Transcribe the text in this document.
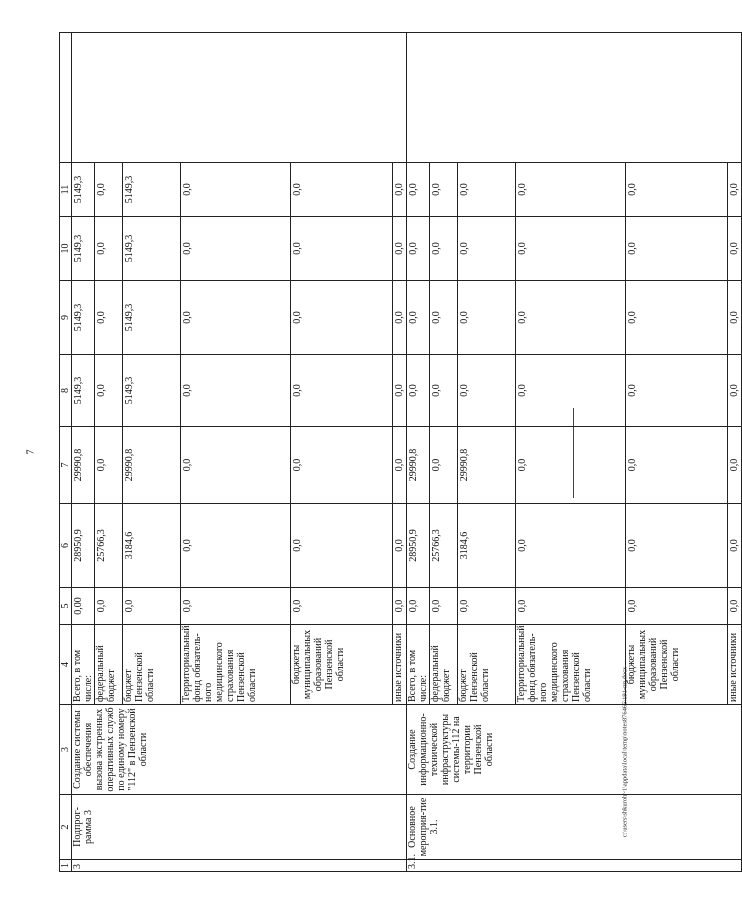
7
c:\users\shkuroh~1\appdata\local\temp\notes876466\191-пп.docx
1	2	3	4	5	6	7	8	9	10	11	
3	Подпрог-рамма 3	Создание системы обеспечения вызова экстренных оперативных служб по единому номеру "112" в Пензенской области	Всего, в том числе:	0,00	28950,9	29990,8	5149,3	5149,3	5149,3	5149,3	
			федеральный бюджет	0,0	25766,3	0,0	0,0	0,0	0,0	0,0	
			бюджет Пензенской области	0,0	3184,6	29990,8	5149,3	5149,3	5149,3	5149,3	
			Территориальный фонд обязатель-ного медицинского страхования Пензенской области	0,0	0,0	0,0	0,0	0,0	0,0	0,0	
			бюджеты муниципальных образований Пензенской области	0,0	0,0	0,0	0,0	0,0	0,0	0,0	
			иные источники	0,0	0,0	0,0	0,0	0,0	0,0	0,0	
3.1.	Основное мероприя-тие 3.1.	Создание информационно-технической инфраструктуры системы-112 на территории Пензенской области	Всего, в том числе:	0,0	28950,9	29990,8	0,0	0,0	0,0	0,0	
			федеральный бюджет	0,0	25766,3	0,0	0,0	0,0	0,0	0,0	
			бюджет Пензенской области	0,0	3184,6	29990,8	0,0	0,0	0,0	0,0	
			Территориальный фонд обязатель-ного медицинского страхования Пензенской области	0,0	0,0	0,0	0,0	0,0	0,0	0,0	
			бюджеты муниципальных образований Пензенской области	0,0	0,0	0,0	0,0	0,0	0,0	0,0	
			иные источники	0,0	0,0	0,0	0,0	0,0	0,0	0,0	
